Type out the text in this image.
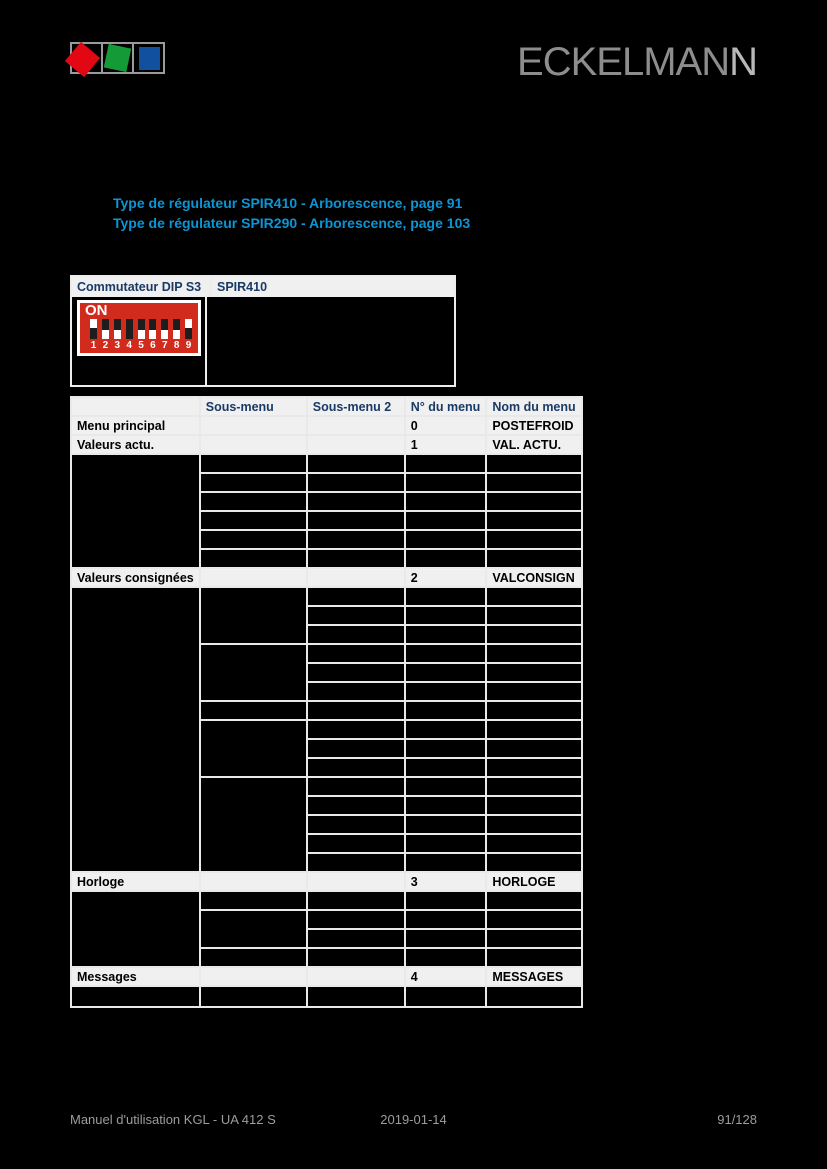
ECKELMANN
Type de régulateur SPIR410 - Arborescence, page 91
Type de régulateur SPIR290 - Arborescence, page 103
Commutateur DIP S3	SPIR410
ON
1 2 3 4 5 6 7 8 9
	Sous-menu	Sous-menu 2	N° du menu	Nom du menu
Menu principal			0	POSTEFROID
Valeurs actu.			1	VAL. ACTU.

Valeurs consignées			2	VALCONSIGN

Horloge			3	HORLOGE

Messages			4	MESSAGES

Manuel d'utilisation KGL - UA 412 S	2019-01-14	91/128
